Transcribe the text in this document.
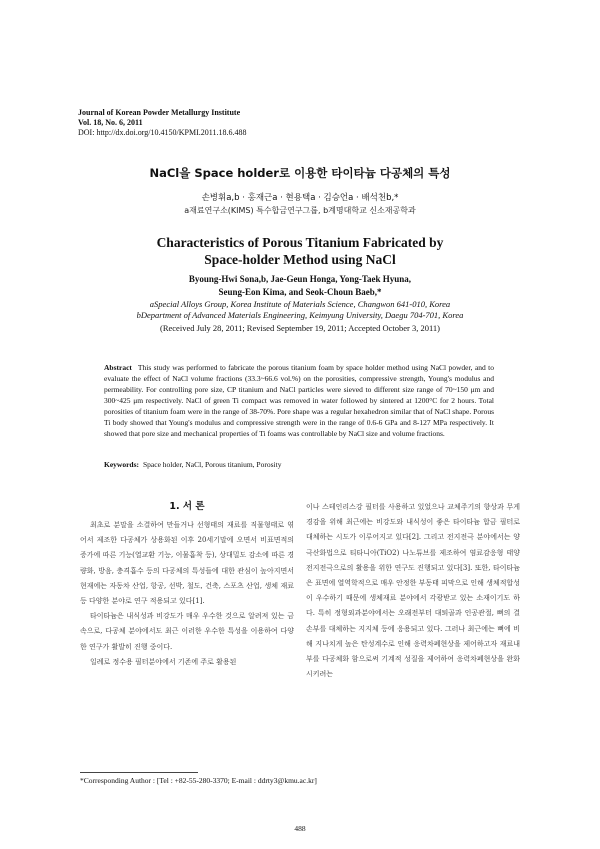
Journal of Korean Powder Metallurgy Institute
Vol. 18, No. 6, 2011
DOI: http://dx.doi.org/10.4150/KPMI.2011.18.6.488
NaCl을 Space holder로 이용한 타이타늄 다공체의 특성
손병휘a,b · 홍재근a · 현용택a · 김승언a · 배석천b,*
a재료연구소(KIMS) 특수합금연구그룹, b계명대학교 신소재공학과
Characteristics of Porous Titanium Fabricated by
Space-holder Method using NaCl
Byoung-Hwi Sona,b, Jae-Geun Honga, Yong-Taek Hyuna,
Seung-Eon Kima, and Seok-Choun Baeb,*
aSpecial Alloys Group, Korea Institute of Materials Science, Changwon 641-010, Korea
bDepartment of Advanced Materials Engineering, Keimyung University, Daegu 704-701, Korea
(Received July 28, 2011; Revised September 19, 2011; Accepted October 3, 2011)
Abstract This study was performed to fabricate the porous titanium foam by space holder method using NaCl powder, and to evaluate the effect of NaCl volume fractions (33.3~66.6 vol.%) on the porosities, compressive strength, Young's modulus and permeability. For controlling pore size, CP titanium and NaCl particles were sieved to different size range of 70~150 μm and 300~425 μm respectively. NaCl of green Ti compact was removed in water followed by sintered at 1200°C for 2 hours. Total porosities of titanium foam were in the range of 38-70%. Pore shape was a regular hexahedron similar that of NaCl shape. Porous Ti body showed that Young's modulus and compressive strength were in the range of 0.6-6 GPa and 8-127 MPa respectively. It showed that pore size and mechanical properties of Ti foams was controllable by NaCl size and volume fractions.
Keywords: Space holder, NaCl, Porous titanium, Porosity
1. 서 론

최초로 분말을 소결하여 만들거나 선형태의 재료를 직물형태로 엮어서 제조한 다공체가 상용화된 이후 20세기말에 오면서 비표면적의 증가에 따른 기능(열교환 기능, 이물흡착 등), 상대밀도 감소에 따른 경량화, 방음, 충격흡수 등의 다공체의 특성들에 대한 관심이 높아지면서 현재에는 자동차 산업, 항공, 선박, 철도, 건축, 스포츠 산업, 생체 재료 등 다양한 분야로 연구 적용되고 있다[1].

타이타늄은 내식성과 비강도가 매우 우수한 것으로 알려져 있는 금속으로, 다공체 분야에서도 최근 이러한 우수한 특성을 이용하여 다양한 연구가 활발히 진행 중이다.

일례로 정수용 필터분야에서 기존에 주로 활용된

이나 스테인리스강 필터를 사용하고 있었으나 교체주기의 향상과 무게 경감을 위해 최근에는 비강도와 내식성이 좋은 타이타늄 합금 필터로 대체하는 시도가 이루어지고 있다[2]. 그리고 전지전극 분야에서는 양극산화법으로 티타니아(TiO2) 나노튜브를 제조하여 염료감응형 태양전지전극으로의 활용을 위한 연구도 진행되고 있다[3]. 또한, 타이타늄은 표면에 열역학적으로 매우 안정한 부동태 피막으로 인해 생체적합성이 우수하기 때문에 생체재료 분야에서 각광받고 있는 소재이기도 하다. 특히 정형외과분야에서는 오래전부터 대퇴골과 인공관절, 뼈의 결손부를 대체하는 지지체 등에 응용되고 있다. 그러나 최근에는 뼈에 비해 지나치게 높은 탄성계수로 인해 응력차폐현상을 제어하고자 재료내부를 다공체화 함으로써 기계적 성질을 제어하여 응력차폐현상을 완화시키려는

*Corresponding Author : [Tel : +82-55-280-3370; E-mail : ddrty3@kmu.ac.kr]
488
